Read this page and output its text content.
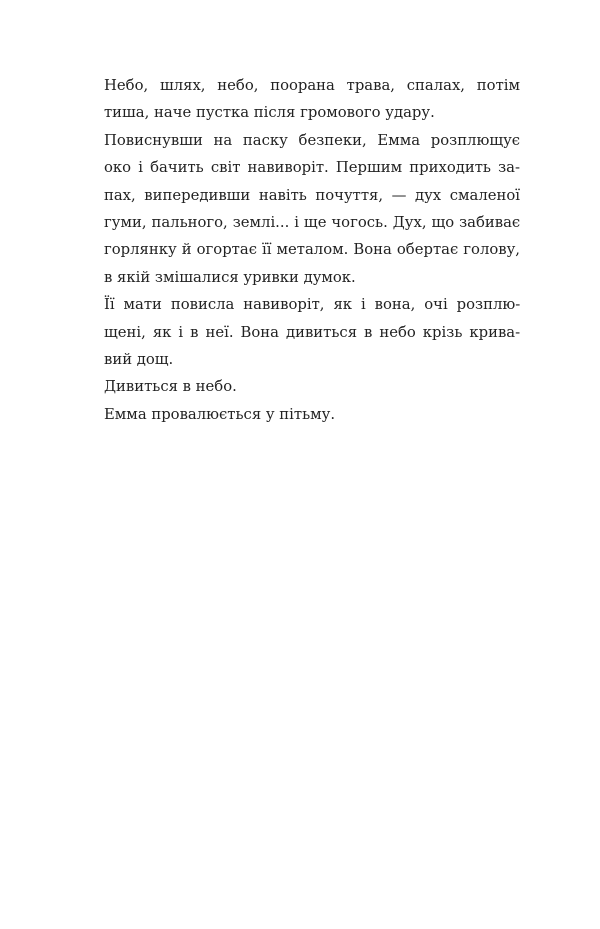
Небо, шлях, небо, поорана трава, спалах, потім
тиша, наче пустка після громового удару.
Повиснувши на паску безпеки, Емма розплющує
око і бачить світ навиворіт. Першим приходить за-
пах, випередивши навіть почуття, — дух смаленої
гуми, пального, землі... і ще чогось. Дух, що забиває
горлянку й огортає її металом. Вона обертає голову,
в якій змішалися уривки думок.
Її мати повисла навиворіт, як і вона, очі розплю-
щені, як і в неї. Вона дивиться в небо крізь крива-
вий дощ.
Дивиться в небо.
Емма провалюється у пітьму.
